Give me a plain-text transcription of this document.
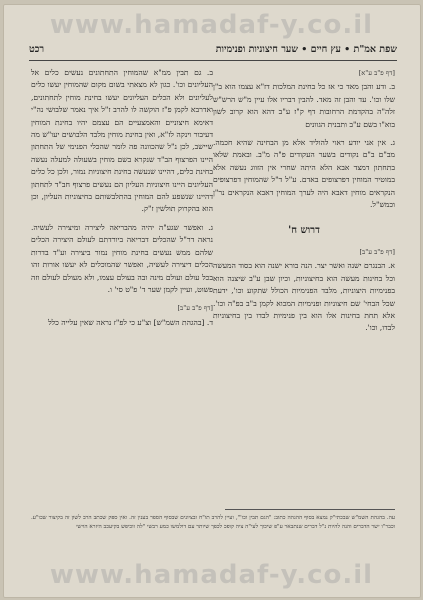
שפת אמ"ת • עץ חיים • שער חיצוניות ופנימיות
רכט
[דף פ"ב ע"א]

ב. ודע והבן מאד כי אז כל בחינת המלכות דז"א עצמו הוא ב"ן שלו וכו'. עד והבן זה מאד. להבין דבריו אלו עיין מ"ש הרש"ש זלה"ה בהקדמת הרחובות דף ק"ז ע"ב דהא הוא קרוב לשון בוא"ו בשם ע"ב ותבנית הגוונים

ג. אין אני יודע ראוי להוליד אלא מן הבחינה שהיא חכמה. מב"ם ב"ם נקודים בשער העקודים פ"ה מ"ב. ובאמת שלאו בתחתון דמצד אבא הלא היתה שחרי אין הזווג נעשה אלא במוטיר המוחין דפרצופים באדם. ע"ל ד"ל שהמוחין דפרצופים הנקראים מוחין דאבא היה לערך המוחין דאבא הנקראים נר"ן וכמש"ל.

דרוש ח'
[דף פ"ב ע"ב]

א. הבנגרם ישנה ואשר יצר. הנה בורא ישנה הוא בסוד המעשה וכל בחינות מעשה הוא בחיצוניות, וכיון שבן ע"ב שיצנה הוא בפנימיות היצוניות, מלבד הפנימיות הכולל שתקוע וכו', ידעת שכל הבחי' שם חיצוניות ופנימיות המכוא לקמן ב"ב בפ"ה וכו'. אלא תחת בחינות אלו הוא בין פנימיות לבדו בין בחיצוניות לבדו, וכו'.

ב. גם תבין ממ"א שהמוחין התחתונים נעשים כלים אל העליונים וכו'. כגון לא מצאתי בשום מקום שהמוחין יעשו כלים לעליונים ולא הכלים העליונים יעשו בחינת מוחין לתחתונים, ואדרבא לקמן פ"ז הוקשה לו להרב ז"ל איך נאמר שלבושי נה"י דאימא חיצוניים והאמצעיים הם עצמם יהיו בחינת המוחין דעיבור וינקה לז"א, ואין בחינת מוחין מלבד הלבושים יעו"ש מה שיישב, לכן נ"ל שהכוונה פה לומר שהכלי הפנימי של התחתון היינו הפרצוף הב"ד שנקרא בשם מוחין בשעולה למעלה נעשה בחינת כלים, דהיינו שנעשה בחינת חיצוניות נמור, ולכן כל כלים העליונים היינו חיצוניות העליון הם נעשים פרצוף חב"ד לתחתון דהיינו שנשפע להם המוחין בהתלבשותם בחיצוניות העליון, וכן הוא בהקרוק תולשין ז"ק.

ג. ואפשר שגע"ה יהיה מהבריאה ליצירה ומיצירה לעשיה. נראה דר"ל שהכלים דבריאה ביורדתם לעולם היצירה הכלים שלהם ממש נעשים בחינת מוחין נמור ביצירה וע"ד בדרות הכלים דיצירה לעשיה, ואפשר שהמוכלים לא יעשו אורות זהו בכל עולם ועולם מינה ובה בעולם עצמו, ולא מעולם לעולם וזה פשוט, ועיין לקמן שער ד' פ"ט סי' ו.

[דף פ"ב ע"ב]

ד. [בהגהת השמ"ש] וצ"ע כי לפ"ז נראה שאין עלייה כלל

עה. בהגהת השמ"ש שבכתי"ק נמצא בסוף ההגהה כתוב: "הגם תבין וכו'", ועיין להרב תו"ח ובציונים שבסוף הספר בענין זה. ואין ספק שכתב הרב לשון זה בקיצור שכו"ע. וכבר"ו ישר הדברים והנה להיות נ"ל דברים שנתבאר ע"פ שיכוך לעי"ה ציה קופכ לכפך שיותר עם דולמשו כמע רבשי "לה ווכיפש בקיעכב היזרא הוישי
www.hamadaf-y.co.il
www.hamadaf-y.co.il
